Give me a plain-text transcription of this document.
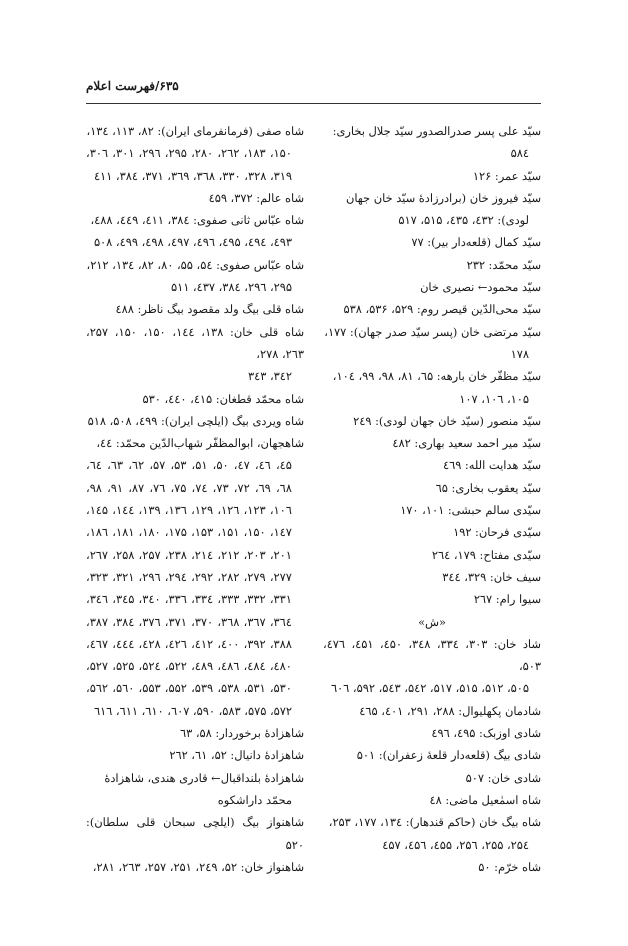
۶۳۵/فهرست اعلام
سیّد علی پسر صدرالصدور سیّد جلال بخاری:
۵۸٤
سیّد عمر: ۱۲۶
سیّد فیروز خان (برادرزادهٔ سیّد خان جهان
لودی): ٤٣٢، ٤٣۵، ۵۱۵، ۵۱٧
سیّد کمال (قلعه‌دار بیر): ٧٧
سیّد محمّد: ۲۳۲
سیّد محمود← نصیری خان
سیّد محی‌الدّین قیصر روم: ۵۲۹، ۵۳۶، ۵۳٨
سیّد مرتضی خان (پسر سیّد صدر جهان): ١٧٧،
١٧٨
سیّد مظفّر خان بارهه: ٦۵، ٨١، ٩٨، ٩٩، ١٠٤،
١٠۵، ١٠٦، ١٠٧
سیّد منصور (سیّد خان جهان لودی): ٢٤٩
سیّد میر احمد سعید بهاری: ٤٨٢
سیّد هدایت الله: ٤٦٩
سیّد یعقوب بخاری: ٦۵
سیّدی سالم حبشی: ١٠١، ١٧٠
سیّدی فرحان: ١٩٢
سیّدی مفتاح: ١٧٩، ٢٦٤
سیف خان: ٣٢٩، ٣٤٤
سیوا رام: ٢٦٧
«ش»
شاد خان: ٣٠٣، ٣٣٤، ٣٤٨، ٤۵٠، ٤۵١، ٤٧٦، ۵٠٣،
۵٠۵، ۵١٢، ۵١۵، ۵١٧، ۵٤٢، ۵٤٣، ۵٩٢، ٦٠٦
شادمان پکهلیوال: ٢٨٨، ٢٩١، ٤٠١، ٤٦۵
شادی اوزبک: ٤٩۵، ٤٩٦
شادی بیگ (قلعه‌دار قلعهٔ زعفران): ۵٠١
شادی خان: ۵٠٧
شاه اسمٰعیل ماضی: ٤٨
شاه بیگ خان (حاکم قندهار): ١٣٤، ١٧٧، ٢۵٣،
٢۵٤، ٢۵۵، ٢۵٦، ٤۵۵، ٤۵٦، ٤۵٧
شاه خرّم: ۵٠
شاه صفی (فرمانفرمای ایران): ٨٢، ١١٣، ١٣٤،
١۵٠، ١٨٣، ٢٦٢، ٢٨٠، ٢٩۵، ٢٩٦، ٣٠١، ٣٠٦، ٣١٩، ٣٢٨، ٣٣٠، ٣٦٨، ٣٦٩، ٣٧١، ٣٨٤، ٤١١
شاه عالم: ٣٧٢، ٤۵٩
شاه عبّاس ثانی صفوی: ٣٨٤، ٤١١، ٤٤٩، ٤٨٨،
٤٩٣، ٤٩٤، ٤٩۵، ٤٩٦، ٤٩٧، ٤٩٨، ٤٩٩، ۵٠٨
شاه عبّاس صفوی: ۵٤، ۵۵، ٨٠، ٨٢، ١٣٤، ٢١٢،
٢٩۵، ٢٩٦، ٣٨٤، ٤٣٧، ۵١١
شاه قلی بیگ ولد مقصود بیگ ناظر: ٤٨٨
شاه قلی خان: ١٣٨، ١٤٤، ١۵٠، ١۵٠، ٢۵٧، ٢٦٣، ٢٧٨،
٣٤٢، ٣٤٣
شاه محمّد قطغان: ٤١۵، ٤٤٠، ۵٣٠
شاه ویردی بیگ (ایلچی ایران): ٤٩٩، ۵٠٨، ۵١٨
شاهجهان، ابوالمظفّر شهاب‌الدّین محمّد: ٤٤،
٤۵، ٤٦، ٤٧، ۵٠، ۵١، ۵٣، ۵٧، ٦٢، ٦٣، ٦٤، ٦٨، ٦٩، ٧٢، ٧٣، ٧٤، ٧۵، ٧٦، ٨٧، ٩١، ٩٨، ١٠٦، ١٢٣، ١٢٦، ١٢٩، ١٣٦، ١٣٩، ١٤٤، ١٤۵، ١٤٧، ١۵٠، ١۵١، ١۵٣، ١٧۵، ١٨٠، ١٨١، ١٨٦، ٢٠١، ٢٠٣، ٢١٢، ٢١٤، ٢٣٨، ٢۵٧، ٢۵٨، ٢٦٧، ٢٧٧، ٢٧٩، ٢٨٢، ٢٩٢، ٢٩٤، ٢٩٦، ٣٢١، ٣٢٣، ٣٣١، ٣٣٢، ٣٣٣، ٣٣٤، ٣٣٦، ٣٤٠، ٣٤۵، ٣٤٦، ٣٦٤، ٣٦٧، ٣٦٨، ٣٧٠، ٣٧١، ٣٧٦، ٣٨٤، ٣٨٧، ٣٨٨، ٣٩٢، ٤٠٠، ٤١٢، ٤٢٦، ٤٢٨، ٤٤٤، ٤٦٧، ٤٨٠، ٤٨٤، ٤٨٦، ٤٨٩، ۵٢٢، ۵٢٤، ۵٢۵، ۵٢٧، ۵٣٠، ۵٣١، ۵٣٨، ۵٣٩، ۵۵٢، ۵۵٣، ۵٦٠، ۵٦٢، ۵٧٢، ۵٧۵، ۵٨٣، ۵٩٠، ٦٠٧، ٦١٠، ٦١١، ٦١٦
شاهزادهٔ برخوردار: ۵٨، ٦٣
شاهزادهٔ دانیال: ۵٢، ٦١، ٢٦٢
شاهزادهٔ بلنداقبال← قادری هندی، شاهزادهٔ
محمّد داراشکوه
شاهنواز بیگ (ایلچی سبحان قلی سلطان): ۵٢٠
شاهنواز خان: ۵٢، ٢٤٩، ٢۵١، ٢۵٧، ٢٦٣، ٢٨١،
